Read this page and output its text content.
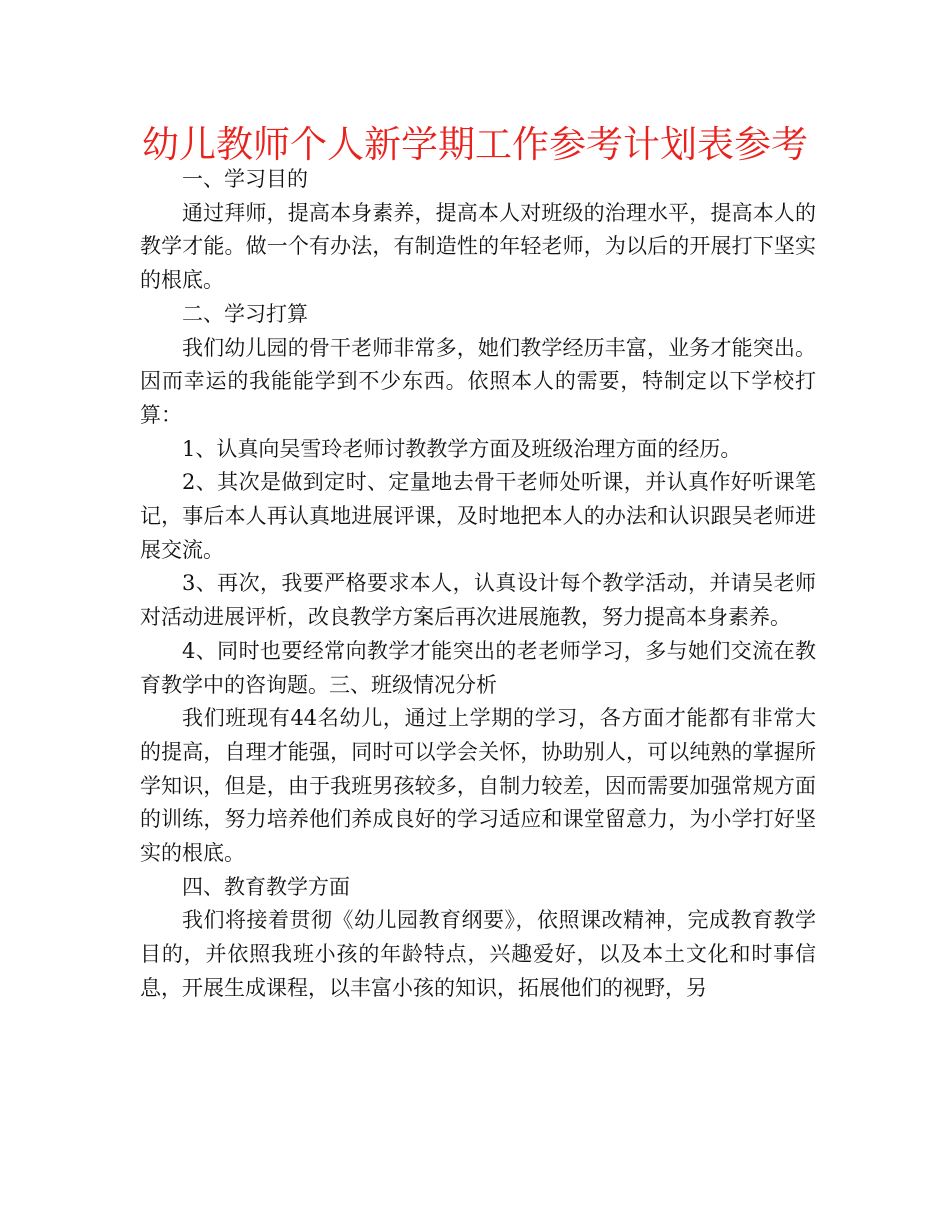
幼儿教师个人新学期工作参考计划表参考

一、学习目的

通过拜师，提高本身素养，提高本人对班级的治理水平，提高本人的教学才能。做一个有办法，有制造性的年轻老师，为以后的开展打下坚实的根底。

二、学习打算

我们幼儿园的骨干老师非常多，她们教学经历丰富，业务才能突出。因而幸运的我能能学到不少东西。依照本人的需要，特制定以下学校打算：

1、认真向吴雪玲老师讨教教学方面及班级治理方面的经历。

2、其次是做到定时、定量地去骨干老师处听课，并认真作好听课笔记，事后本人再认真地进展评课，及时地把本人的办法和认识跟吴老师进展交流。

3、再次，我要严格要求本人，认真设计每个教学活动，并请吴老师对活动进展评析，改良教学方案后再次进展施教，努力提高本身素养。

4、同时也要经常向教学才能突出的老老师学习，多与她们交流在教育教学中的咨询题。三、班级情况分析

我们班现有44名幼儿，通过上学期的学习，各方面才能都有非常大的提高，自理才能强，同时可以学会关怀，协助别人，可以纯熟的掌握所学知识，但是，由于我班男孩较多，自制力较差，因而需要加强常规方面的训练，努力培养他们养成良好的学习适应和课堂留意力，为小学打好坚实的根底。

四、教育教学方面

我们将接着贯彻《幼儿园教育纲要》，依照课改精神，完成教育教学目的，并依照我班小孩的年龄特点，兴趣爱好，以及本土文化和时事信息，开展生成课程，以丰富小孩的知识，拓展他们的视野，另
